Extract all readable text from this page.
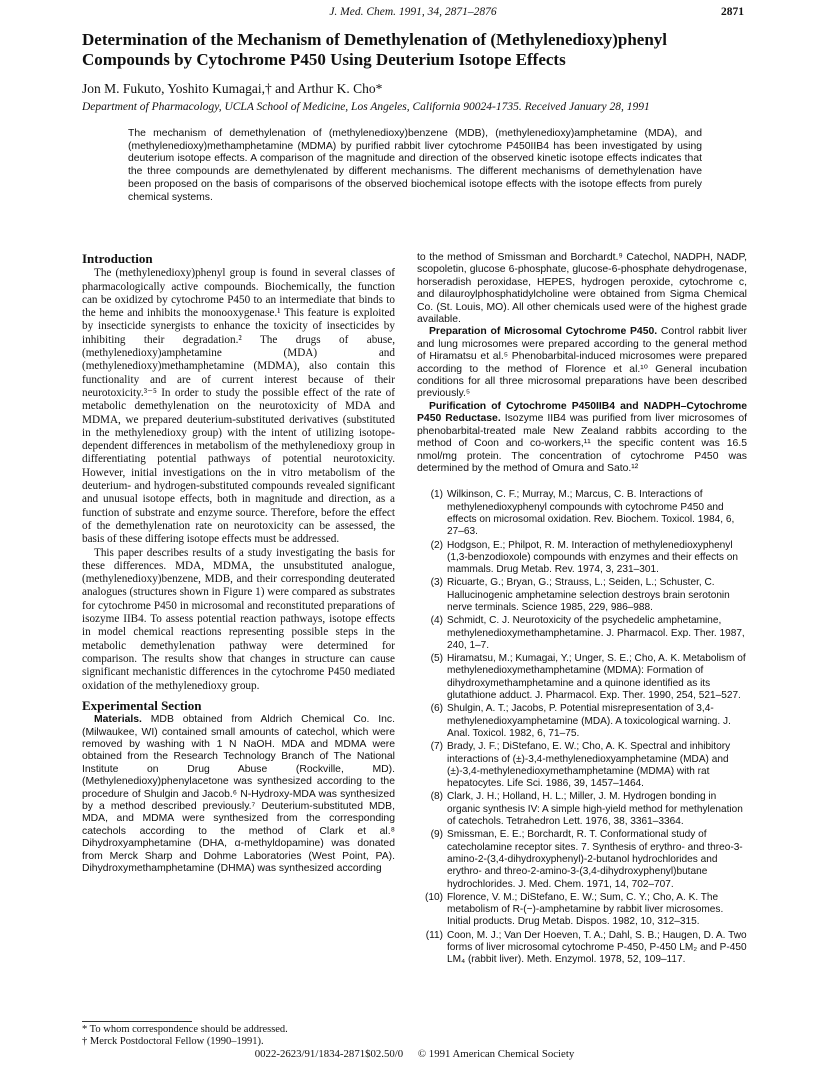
J. Med. Chem. 1991, 34, 2871–2876	2871
Determination of the Mechanism of Demethylenation of (Methylenedioxy)phenyl Compounds by Cytochrome P450 Using Deuterium Isotope Effects
Jon M. Fukuto, Yoshito Kumagai,† and Arthur K. Cho*
Department of Pharmacology, UCLA School of Medicine, Los Angeles, California 90024-1735. Received January 28, 1991
The mechanism of demethylenation of (methylenedioxy)benzene (MDB), (methylenedioxy)amphetamine (MDA), and (methylenedioxy)methamphetamine (MDMA) by purified rabbit liver cytochrome P450IIB4 has been investigated by using deuterium isotope effects. A comparison of the magnitude and direction of the observed kinetic isotope effects indicates that the three compounds are demethylenated by different mechanisms. The different mechanisms of demethylenation have been proposed on the basis of comparisons of the observed biochemical isotope effects with the isotope effects from purely chemical systems.
Introduction

The (methylenedioxy)phenyl group is found in several classes of pharmacologically active compounds. Biochemically, the function can be oxidized by cytochrome P450 to an intermediate that binds to the heme and inhibits the monooxygenase.¹ This feature is exploited by insecticide synergists to enhance the toxicity of insecticides by inhibiting their degradation.² The drugs of abuse, (methylenedioxy)amphetamine (MDA) and (methylenedioxy)methamphetamine (MDMA), also contain this functionality and are of current interest because of their neurotoxicity.³⁻⁵ In order to study the possible effect of the rate of metabolic demethylenation on the neurotoxicity of MDA and MDMA, we prepared deuterium-substituted derivatives (substituted in the methylenedioxy group) with the intent of utilizing isotope-dependent differences in metabolism of the methylenedioxy group in differentiating potential pathways of potential neurotoxicity. However, initial investigations on the in vitro metabolism of the deuterium- and hydrogen-substituted compounds revealed significant and unusual isotope effects, both in magnitude and direction, as a function of substrate and enzyme source. Therefore, before the effect of the demethylenation rate on neurotoxicity can be assessed, the basis of these differing isotope effects must be addressed.

This paper describes results of a study investigating the basis for these differences. MDA, MDMA, the unsubstituted analogue, (methylenedioxy)benzene, MDB, and their corresponding deuterated analogues (structures shown in Figure 1) were compared as substrates for cytochrome P450 in microsomal and reconstituted preparations of isozyme IIB4. To assess potential reaction pathways, isotope effects in model chemical reactions representing possible steps in the metabolic demethylenation pathway were determined for comparison. The results show that changes in structure can cause significant mechanistic differences in the cytochrome P450 mediated oxidation of the methylenedioxy group.

Experimental Section

Materials. MDB obtained from Aldrich Chemical Co. Inc. (Milwaukee, WI) contained small amounts of catechol, which were removed by washing with 1 N NaOH. MDA and MDMA were obtained from the Research Technology Branch of The National Institute on Drug Abuse (Rockville, MD). (Methylenedioxy)phenylacetone was synthesized according to the procedure of Shulgin and Jacob.⁶ N-Hydroxy-MDA was synthesized by a method described previously.⁷ Deuterium-substituted MDB, MDA, and MDMA were synthesized from the corresponding catechols according to the method of Clark et al.⁸ Dihydroxyamphetamine (DHA, α-methyldopamine) was donated from Merck Sharp and Dohme Laboratories (West Point, PA). Dihydroxymethamphetamine (DHMA) was synthesized according

to the method of Smissman and Borchardt.⁹ Catechol, NADPH, NADP, scopoletin, glucose 6-phosphate, glucose-6-phosphate dehydrogenase, horseradish peroxidase, HEPES, hydrogen peroxide, cytochrome c, and dilauroylphosphatidylcholine were obtained from Sigma Chemical Co. (St. Louis, MO). All other chemicals used were of the highest grade available.

Preparation of Microsomal Cytochrome P450. Control rabbit liver and lung microsomes were prepared according to the general method of Hiramatsu et al.⁵ Phenobarbital-induced microsomes were prepared according to the method of Florence et al.¹⁰ General incubation conditions for all three microsomal preparations have been described previously.⁵

Purification of Cytochrome P450IIB4 and NADPH–Cytochrome P450 Reductase. Isozyme IIB4 was purified from liver microsomes of phenobarbital-treated male New Zealand rabbits according to the method of Coon and co-workers,¹¹ the specific content was 16.5 nmol/mg protein. The concentration of cytochrome P450 was determined by the method of Omura and Sato.¹²

(1) Wilkinson, C. F.; Murray, M.; Marcus, C. B. Interactions of methylenedioxyphenyl compounds with cytochrome P450 and effects on microsomal oxidation. Rev. Biochem. Toxicol. 1984, 6, 27–63.
(2) Hodgson, E.; Philpot, R. M. Interaction of methylenedioxyphenyl (1,3-benzodioxole) compounds with enzymes and their effects on mammals. Drug Metab. Rev. 1974, 3, 231–301.
(3) Ricuarte, G.; Bryan, G.; Strauss, L.; Seiden, L.; Schuster, C. Hallucinogenic amphetamine selection destroys brain serotonin nerve terminals. Science 1985, 229, 986–988.
(4) Schmidt, C. J. Neurotoxicity of the psychedelic amphetamine, methylenedioxymethamphetamine. J. Pharmacol. Exp. Ther. 1987, 240, 1–7.
(5) Hiramatsu, M.; Kumagai, Y.; Unger, S. E.; Cho, A. K. Metabolism of methylenedioxymethamphetamine (MDMA): Formation of dihydroxymethamphetamine and a quinone identified as its glutathione adduct. J. Pharmacol. Exp. Ther. 1990, 254, 521–527.
(6) Shulgin, A. T.; Jacobs, P. Potential misrepresentation of 3,4-methylenedioxyamphetamine (MDA). A toxicological warning. J. Anal. Toxicol. 1982, 6, 71–75.
(7) Brady, J. F.; DiStefano, E. W.; Cho, A. K. Spectral and inhibitory interactions of (±)-3,4-methylenedioxyamphetamine (MDA) and (±)-3,4-methylenedioxymethamphetamine (MDMA) with rat hepatocytes. Life Sci. 1986, 39, 1457–1464.
(8) Clark, J. H.; Holland, H. L.; Miller, J. M. Hydrogen bonding in organic synthesis IV: A simple high-yield method for methylenation of catechols. Tetrahedron Lett. 1976, 38, 3361–3364.
(9) Smissman, E. E.; Borchardt, R. T. Conformational study of catecholamine receptor sites. 7. Synthesis of erythro- and threo-3-amino-2-(3,4-dihydroxyphenyl)-2-butanol hydrochlorides and erythro- and threo-2-amino-3-(3,4-dihydroxyphenyl)butane hydrochlorides. J. Med. Chem. 1971, 14, 702–707.
(10) Florence, V. M.; DiStefano, E. W.; Sum, C. Y.; Cho, A. K. The metabolism of R-(−)-amphetamine by rabbit liver microsomes. Initial products. Drug Metab. Dispos. 1982, 10, 312–315.
(11) Coon, M. J.; Van Der Hoeven, T. A.; Dahl, S. B.; Haugen, D. A. Two forms of liver microsomal cytochrome P-450, P-450 LM₂ and P-450 LM₄ (rabbit liver). Meth. Enzymol. 1978, 52, 109–117.
* To whom correspondence should be addressed.
† Merck Postdoctoral Fellow (1990–1991).
0022-2623/91/1834-2871$02.50/0 © 1991 American Chemical Society
